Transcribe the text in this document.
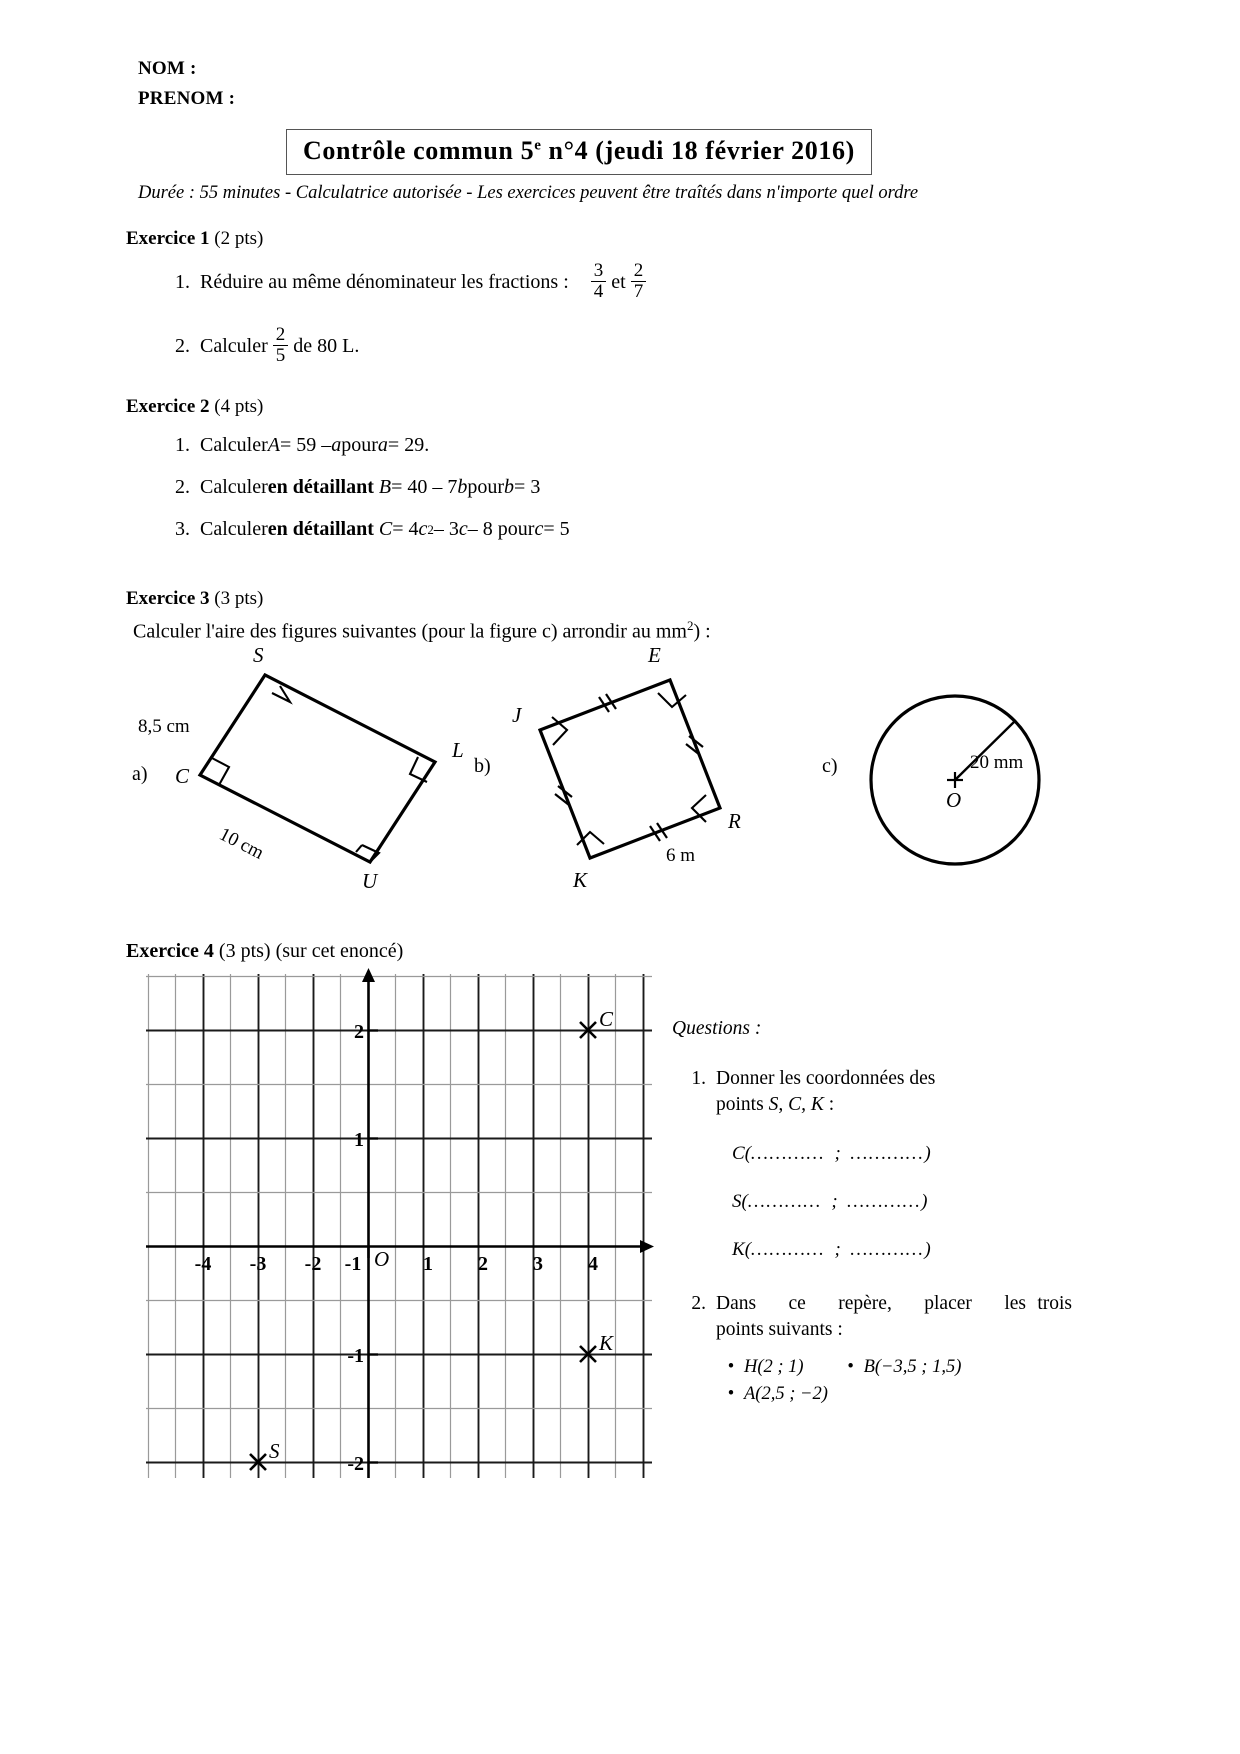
NOM :
PRENOM :
Contrôle commun 5e n°4 (jeudi 18 février 2016)
Durée : 55 minutes - Calculatrice autorisée - Les exercices peuvent être traîtés dans n'importe quel ordre
Exercice 1 (2 pts)
1. Réduire au même dénominateur les fractions : $\frac{3}{4}$ et $\frac{2}{7}$
2. Calculer $\frac{2}{5}$ de 80 L.
Exercice 2 (4 pts)
1. Calculer A = 59 – a pour a = 29.
2. Calculer en détaillant
B = 40 – 7 b pour b = 3
3. Calculer en détaillant
C = 4 c 2 – 3 c – 8 pour c = 5
Exercice 3 (3 pts)
Calculer l'aire des figures suivantes (pour la figure c) arrondir au $mm^2$) :
S
L
U
C
8,5 cm
10 cm
a)
E
R
K
J
6 m
b)
O
20 mm
c)
Exercice 4 (3 pts) (sur cet enoncé)
-4 -3 -2 -1	1 2 3 4
O
2
1
-1
-2
C
K
S
Questions :
1. Donner les coordonnées des
points S, C, K :
C(………… ; …………)
S(………… ; …………)
K(………… ; …………)
2. Dans ce repère, placer les trois points suivants :
• H(2 ; 1)	• B(−3,5 ; 1,5)
• A(2,5 ; −2)
